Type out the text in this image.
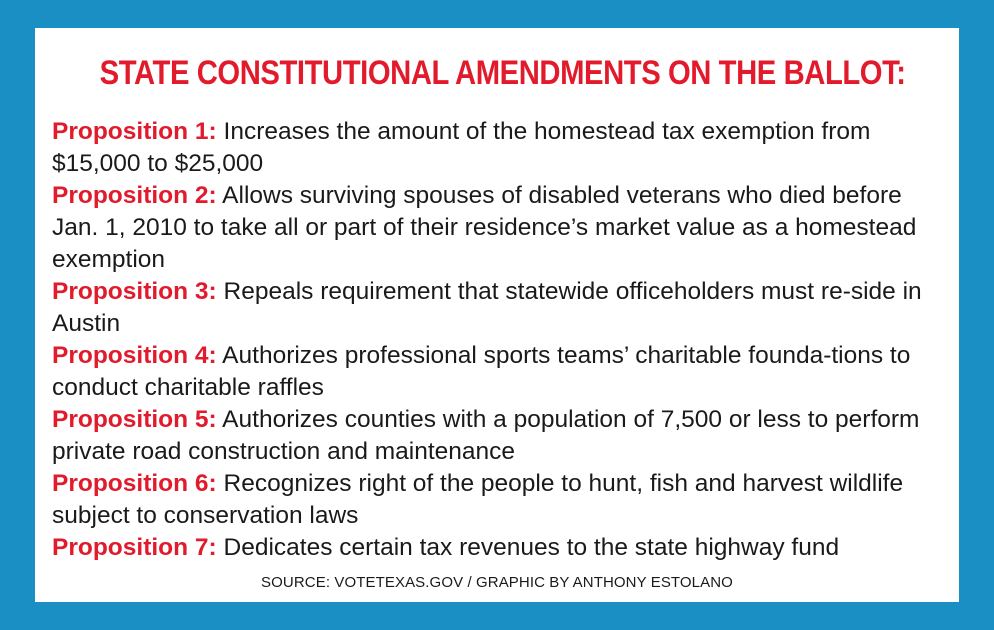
STATE CONSTITUTIONAL AMENDMENTS ON THE BALLOT:
Proposition 1: Increases the amount of the homestead tax exemption from $15,000 to $25,000
Proposition 2: Allows surviving spouses of disabled veterans who died before Jan. 1, 2010 to take all or part of their residence’s market value as a homestead exemption
Proposition 3: Repeals requirement that statewide officeholders must re-side in Austin
Proposition 4: Authorizes professional sports teams’ charitable founda-tions to conduct charitable raffles
Proposition 5: Authorizes counties with a population of 7,500 or less to perform private road construction and maintenance
Proposition 6: Recognizes right of the people to hunt, fish and harvest wildlife subject to conservation laws
Proposition 7: Dedicates certain tax revenues to the state highway fund
SOURCE: VOTETEXAS.GOV / GRAPHIC BY ANTHONY ESTOLANO
